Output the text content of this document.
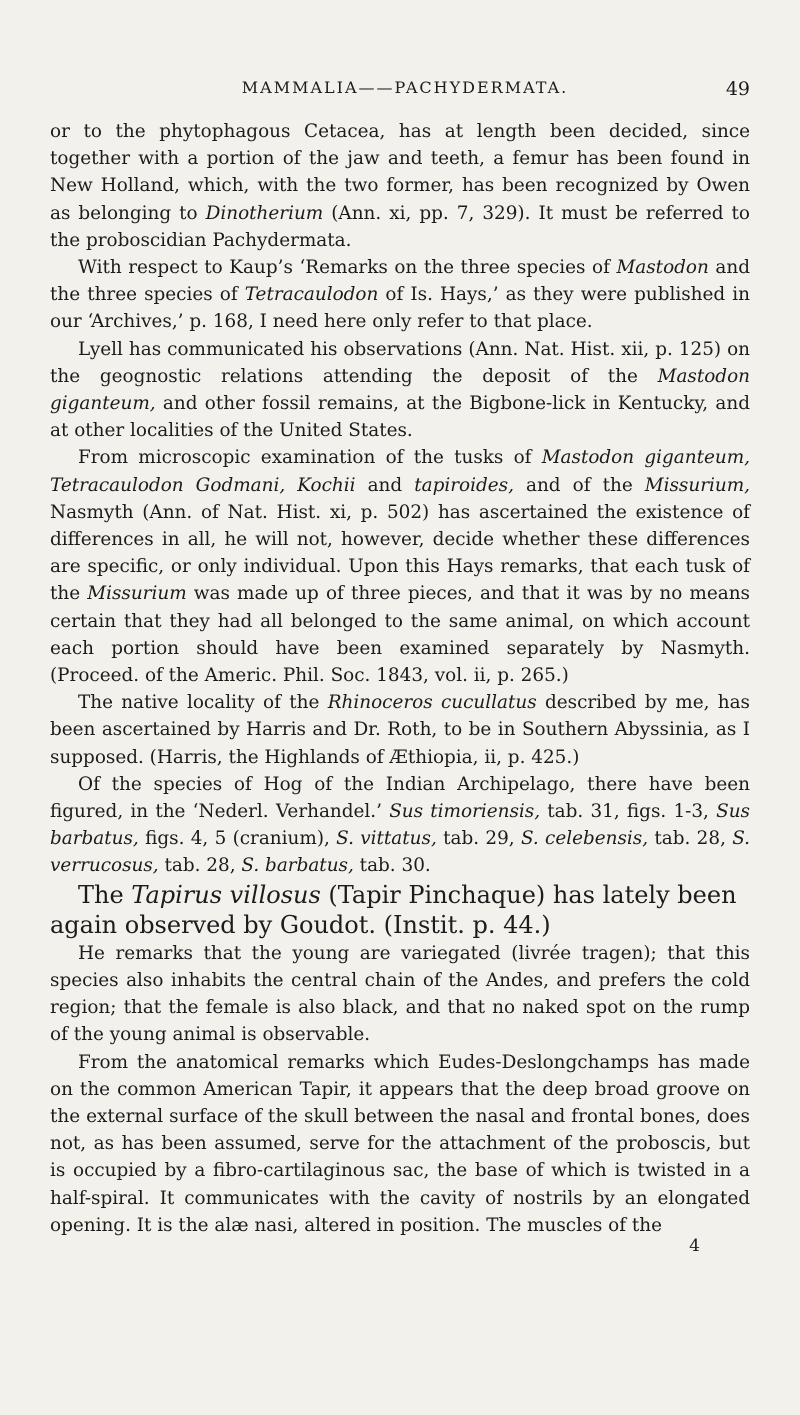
MAMMALIA——PACHYDERMATA.	49

or to the phytophagous Cetacea, has at length been decided, since together with a portion of the jaw and teeth, a femur has been found in New Holland, which, with the two former, has been recognized by Owen as belonging to Dinotherium (Ann. xi, pp. 7, 329). It must be referred to the proboscidian Pachydermata.

With respect to Kaup’s ‘Remarks on the three species of Mastodon and the three species of Tetracaulodon of Is. Hays,’ as they were published in our ‘Archives,’ p. 168, I need here only refer to that place.

Lyell has communicated his observations (Ann. Nat. Hist. xii, p. 125) on the geognostic relations attending the deposit of the Mastodon giganteum, and other fossil remains, at the Bigbone-lick in Kentucky, and at other localities of the United States.

From microscopic examination of the tusks of Mastodon giganteum, Tetracaulodon Godmani, Kochii and tapiroides, and of the Missurium, Nasmyth (Ann. of Nat. Hist. xi, p. 502) has ascertained the existence of differences in all, he will not, however, decide whether these differences are specific, or only individual. Upon this Hays remarks, that each tusk of the Missurium was made up of three pieces, and that it was by no means certain that they had all belonged to the same animal, on which account each portion should have been examined separately by Nasmyth. (Proceed. of the Americ. Phil. Soc. 1843, vol. ii, p. 265.)

The native locality of the Rhinoceros cucullatus described by me, has been ascertained by Harris and Dr. Roth, to be in Southern Abyssinia, as I supposed. (Harris, the Highlands of Æthiopia, ii, p. 425.)

Of the species of Hog of the Indian Archipelago, there have been figured, in the ‘Nederl. Verhandel.’ Sus timoriensis, tab. 31, figs. 1-3, Sus barbatus, figs. 4, 5 (cranium), S. vittatus, tab. 29, S. celebensis, tab. 28, S. verrucosus, tab. 28, S. barbatus, tab. 30.

The Tapirus villosus (Tapir Pinchaque) has lately been again observed by Goudot. (Instit. p. 44.)

He remarks that the young are variegated (livrée tragen); that this species also inhabits the central chain of the Andes, and prefers the cold region; that the female is also black, and that no naked spot on the rump of the young animal is observable.

From the anatomical remarks which Eudes-Deslongchamps has made on the common American Tapir, it appears that the deep broad groove on the external surface of the skull between the nasal and frontal bones, does not, as has been assumed, serve for the attachment of the proboscis, but is occupied by a fibro-cartilaginous sac, the base of which is twisted in a half-spiral. It communicates with the cavity of nostrils by an elongated opening. It is the alæ nasi, altered in position. The muscles of the

4
